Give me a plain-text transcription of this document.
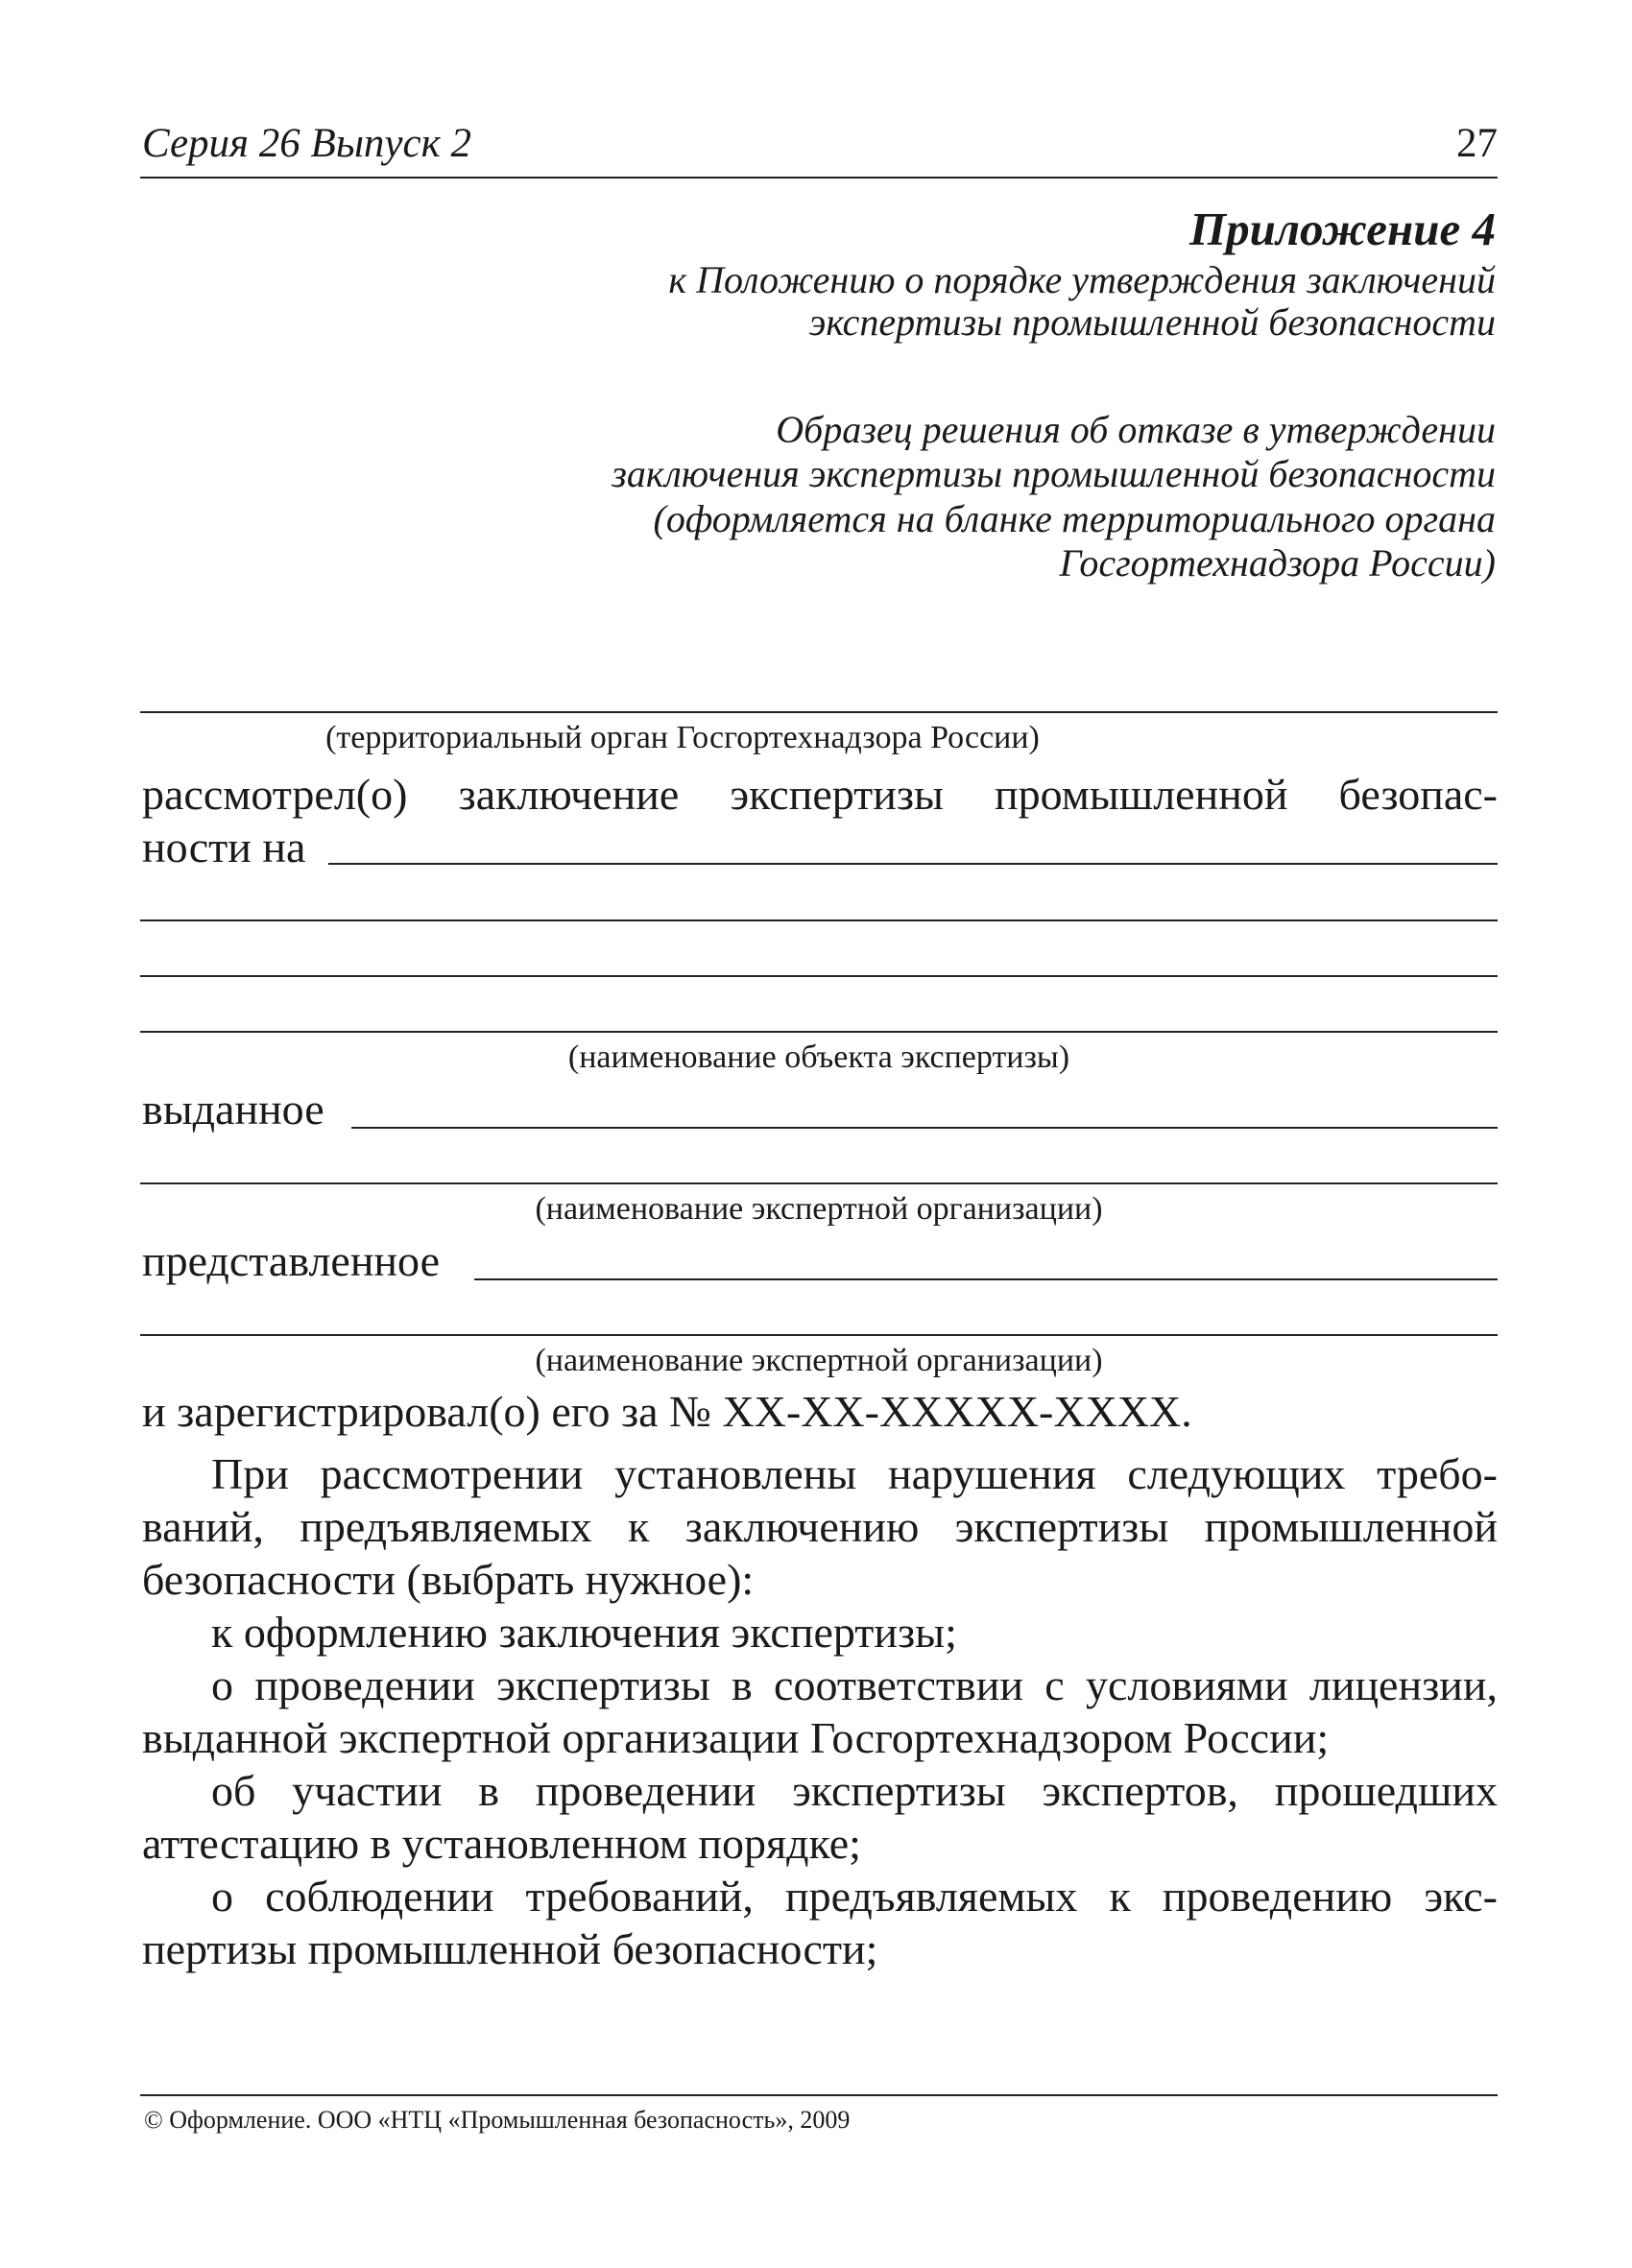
Серия 26 Выпуск 2	27
Приложение 4
к Положению о порядке утверждения заключений
экспертизы промышленной безопасности
Образец решения об отказе в утверждении
заключения экспертизы промышленной безопасности
(оформляется на бланке территориального органа
Госгортехнадзора России)
(территориальный орган Госгортехнадзора России)
рассмотрел(о) заключение экспертизы промышленной безопас-
ности на
(наименование объекта экспертизы)
выданное
(наименование экспертной организации)
представленное
(наименование экспертной организации)
и зарегистрировал(о) его за № XX-XX-XXXXX-XXXX.
При рассмотрении установлены нарушения следующих требо-
ваний, предъявляемых к заключению экспертизы промышленной
безопасности (выбрать нужное):
к оформлению заключения экспертизы;
о проведении экспертизы в соответствии с условиями лицензии,
выданной экспертной организации Госгортехнадзором России;
об участии в проведении экспертизы экспертов, прошедших
аттестацию в установленном порядке;
о соблюдении требований, предъявляемых к проведению экс-
пертизы промышленной безопасности;
© Оформление. ООО «НТЦ «Промышленная безопасность», 2009
